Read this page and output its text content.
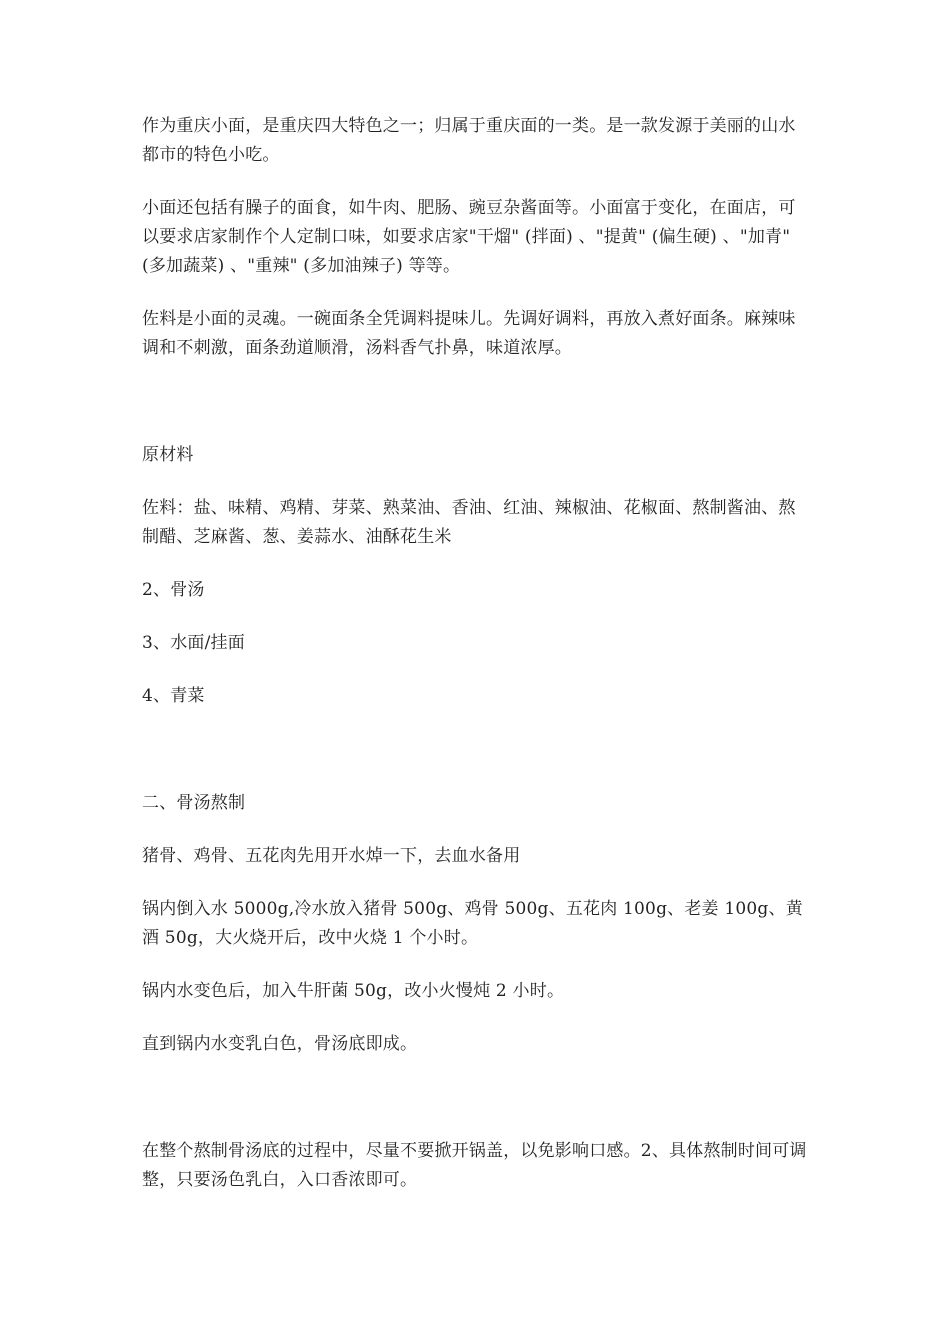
作为重庆小面，是重庆四大特色之一；归属于重庆面的一类。是一款发源于美丽的山水都市的特色小吃。

小面还包括有臊子的面食，如牛肉、肥肠、豌豆杂酱面等。小面富于变化，在面店，可以要求店家制作个人定制口味，如要求店家"干熘" (拌面) 、"提黄" (偏生硬) 、"加青" (多加蔬菜) 、"重辣" (多加油辣子) 等等。

佐料是小面的灵魂。一碗面条全凭调料提味儿。先调好调料，再放入煮好面条。麻辣味调和不刺激，面条劲道顺滑，汤料香气扑鼻，味道浓厚。

原材料

佐料：盐、味精、鸡精、芽菜、熟菜油、香油、红油、辣椒油、花椒面、熬制酱油、熬制醋、芝麻酱、葱、姜蒜水、油酥花生米

2、骨汤

3、水面/挂面

4、青菜

二、骨汤熬制

猪骨、鸡骨、五花肉先用开水焯一下，去血水备用

锅内倒入水 5000g,冷水放入猪骨 500g、鸡骨 500g、五花肉 100g、老姜 100g、黄酒 50g，大火烧开后，改中火烧 1 个小时。

锅内水变色后，加入牛肝菌 50g，改小火慢炖 2 小时。

直到锅内水变乳白色，骨汤底即成。

在整个熬制骨汤底的过程中，尽量不要掀开锅盖，以免影响口感。2、具体熬制时间可调整，只要汤色乳白，入口香浓即可。
